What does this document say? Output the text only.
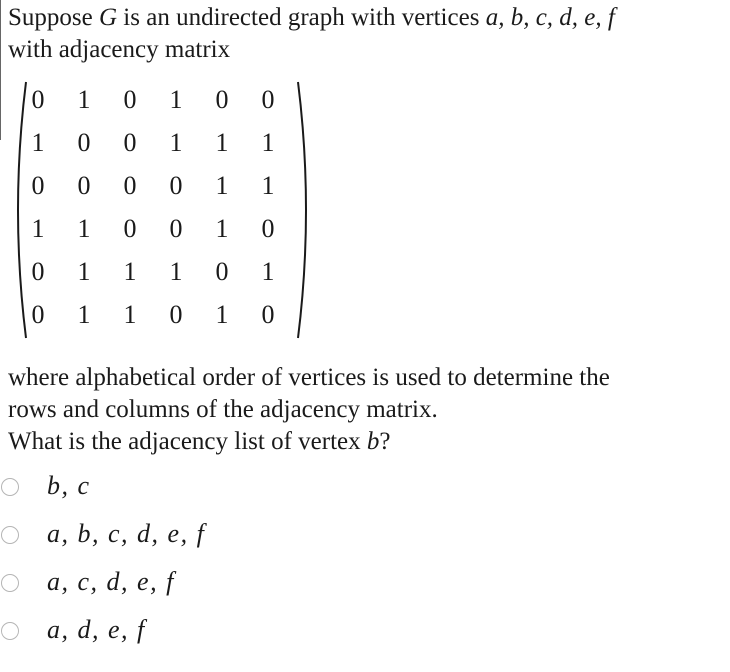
Suppose G is an undirected graph with vertices a, b, c, d, e, f
with adjacency matrix
0	1	0	1	0	0
1	0	0	1	1	1
0	0	0	0	1	1
1	1	0	0	1	0
0	1	1	1	0	1
0	1	1	0	1	0
where alphabetical order of vertices is used to determine the
rows and columns of the adjacency matrix.
What is the adjacency list of vertex b?
b, c
a, b, c, d, e, f
a, c, d, e, f
a, d, e, f
